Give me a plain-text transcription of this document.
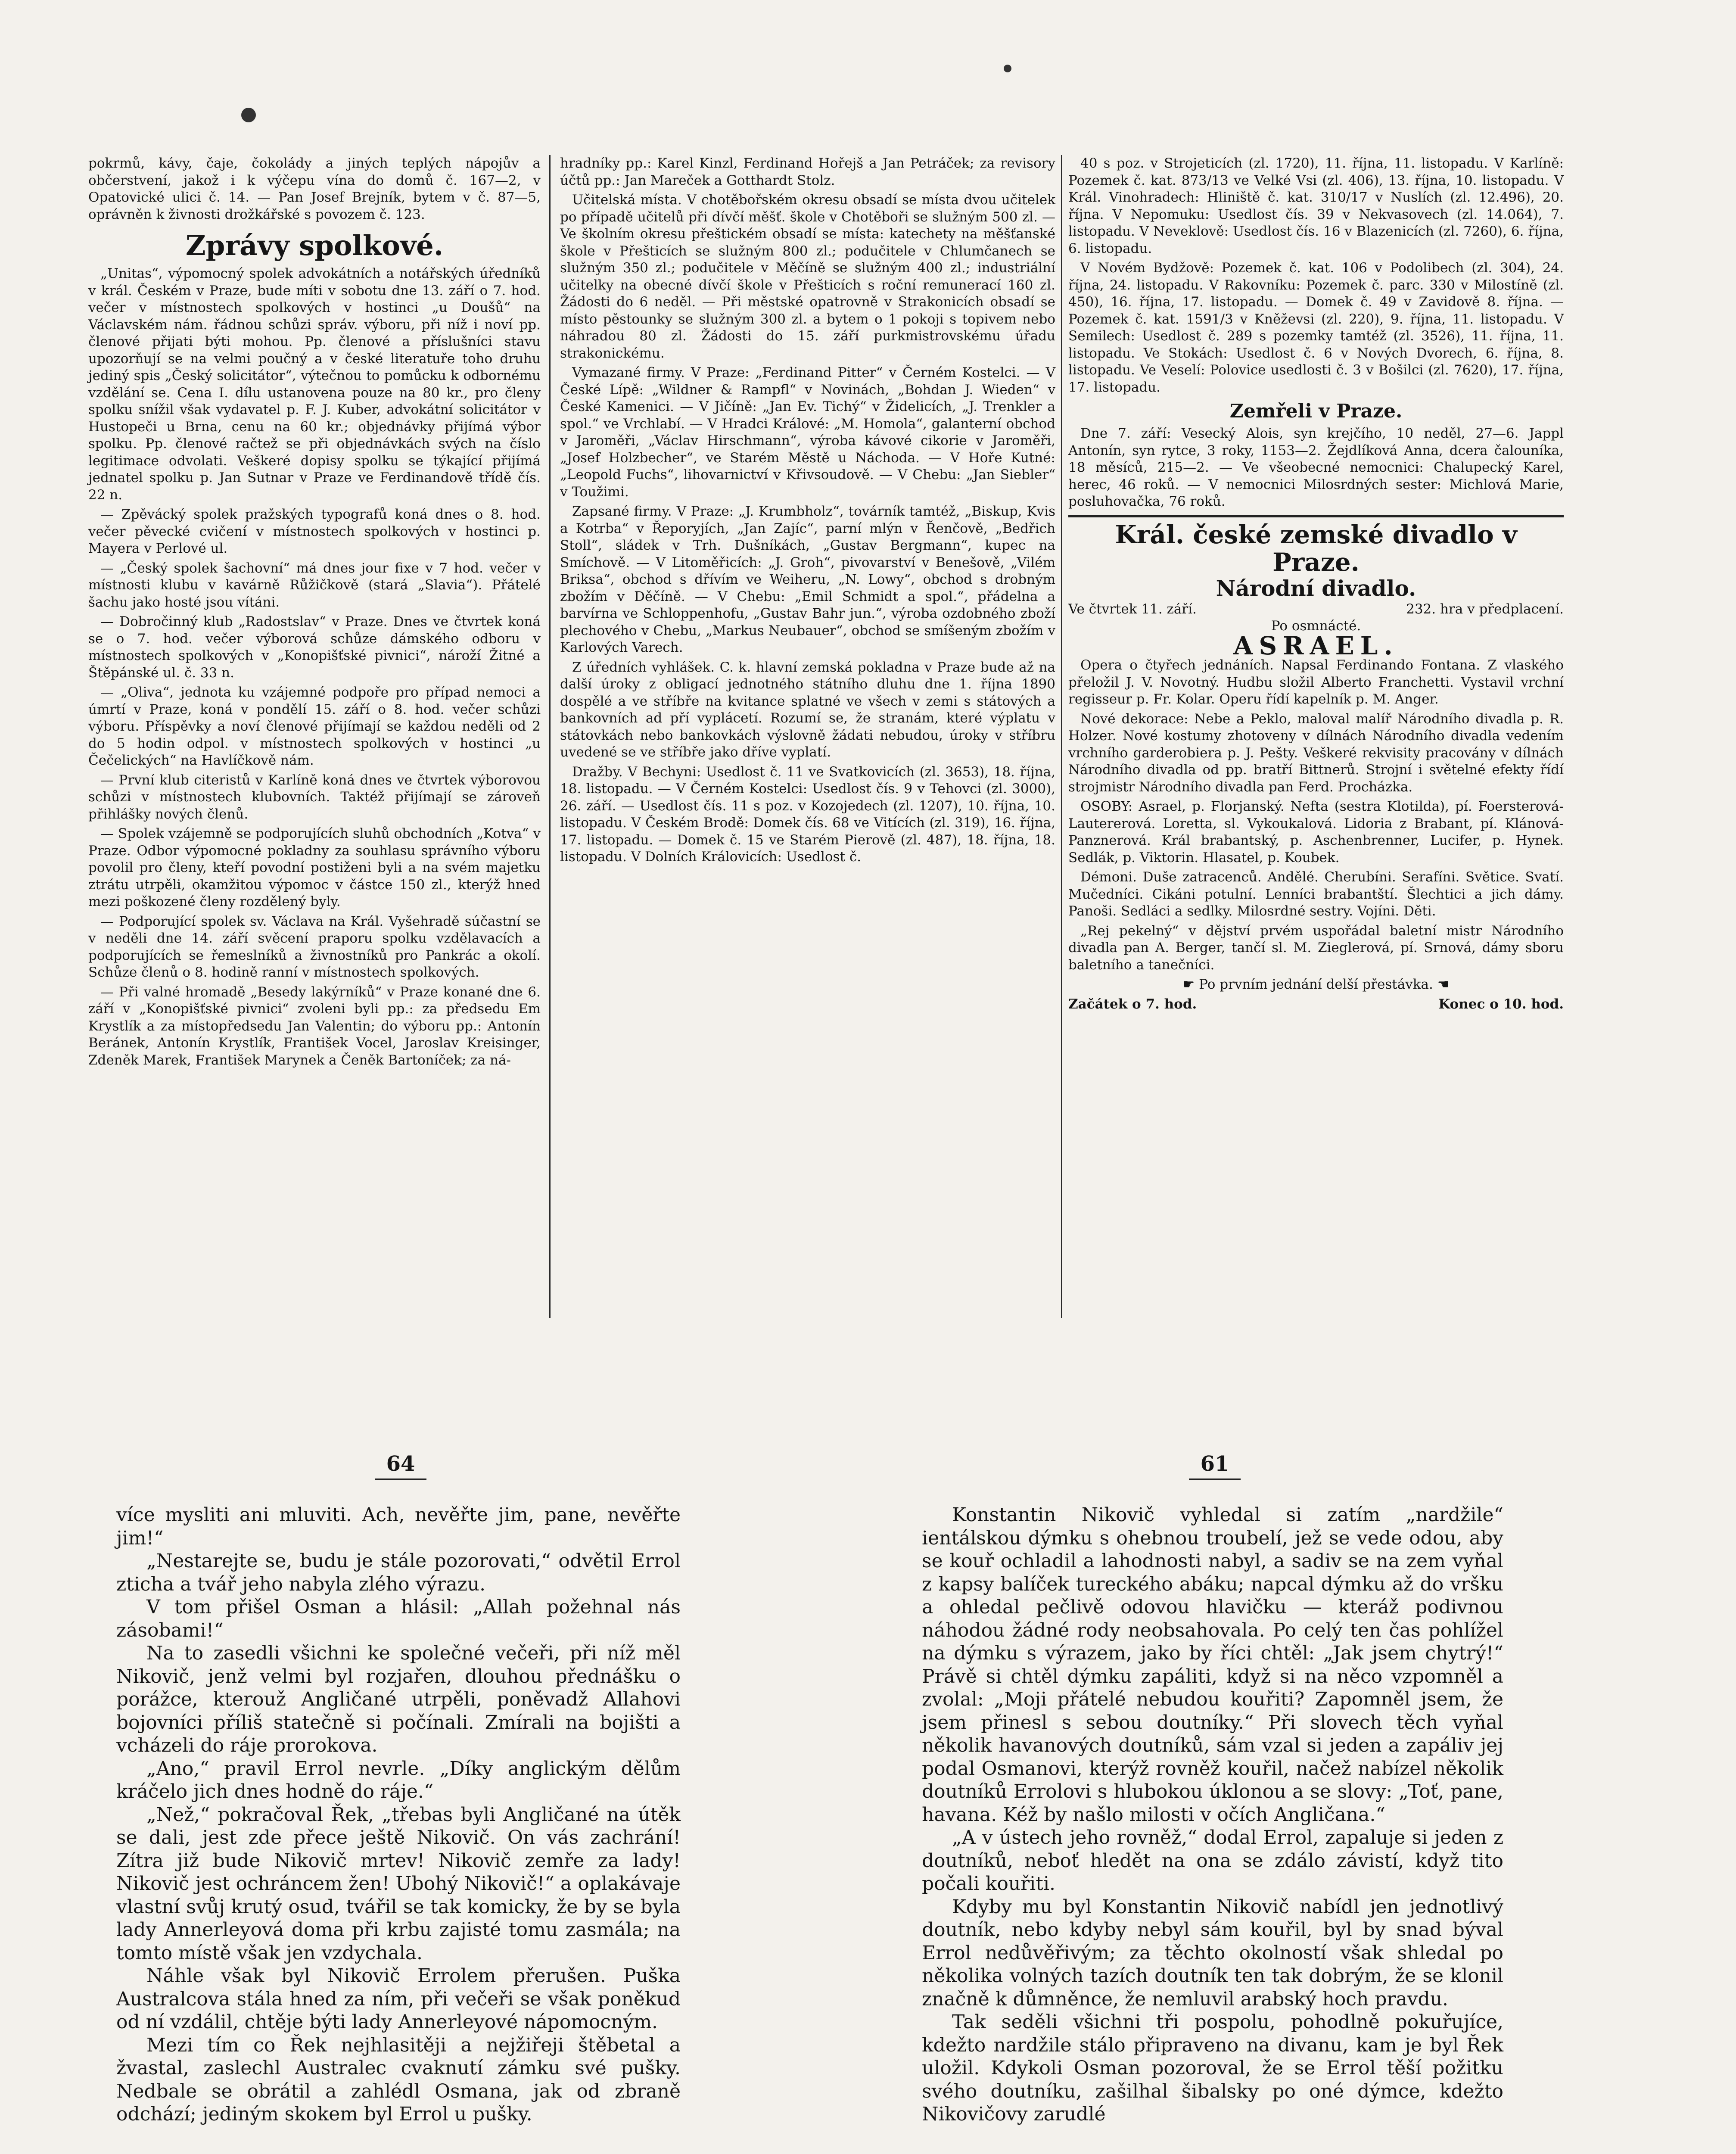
pokrmů, kávy, čaje, čokolády a jiných teplých nápojův a občerstvení, jakož i k výčepu vína do domů č. 167—2, v Opatovické ulici č. 14. — Pan Josef Brejník, bytem v č. 87—5, oprávněn k živnosti drožkářské s povozem č. 123.

Zprávy spolkové.

„Unitas“, výpomocný spolek advokátních a notářských úředníků v král. Českém v Praze, bude míti v sobotu dne 13. září o 7. hod. večer v místnostech spolkových v hostinci „u Doušů“ na Václavském nám. řádnou schůzi správ. výboru, při níž i noví pp. členové přijati býti mohou. Pp. členové a příslušníci stavu upozorňují se na velmi poučný a v české literatuře toho druhu jediný spis „Český solicitátor“, výtečnou to pomůcku k odbornému vzdělání se. Cena I. dílu ustanovena pouze na 80 kr., pro členy spolku snížil však vydavatel p. F. J. Kuber, advokátní solicitátor v Hustopeči u Brna, cenu na 60 kr.; objednávky přijímá výbor spolku. Pp. členové račtež se při objednávkách svých na číslo legitimace odvolati. Veškeré dopisy spolku se týkající přijímá jednatel spolku p. Jan Sutnar v Praze ve Ferdinandově třídě čís. 22 n.

— Zpěvácký spolek pražských typografů koná dnes o 8. hod. večer pěvecké cvičení v místnostech spolkových v hostinci p. Mayera v Perlové ul.

— „Český spolek šachovní“ má dnes jour fixe v 7 hod. večer v místnosti klubu v kavárně Růžičkově (stará „Slavia“). Přátelé šachu jako hosté jsou vítáni.

— Dobročinný klub „Radostslav“ v Praze. Dnes ve čtvrtek koná se o 7. hod. večer výborová schůze dámského odboru v místnostech spolkových v „Konopišťské pivnici“, nároží Žitné a Štěpánské ul. č. 33 n.

— „Oliva“, jednota ku vzájemné podpoře pro případ nemoci a úmrtí v Praze, koná v pondělí 15. září o 8. hod. večer schůzi výboru. Příspěvky a noví členové přijímají se každou neděli od 2 do 5 hodin odpol. v místnostech spolkových v hostinci „u Čečelických“ na Havlíčkově nám.

— První klub citeristů v Karlíně koná dnes ve čtvrtek výborovou schůzi v místnostech klubovních. Taktéž přijímají se zároveň přihlášky nových členů.

— Spolek vzájemně se podporujících sluhů obchodních „Kotva“ v Praze. Odbor výpomocné pokladny za souhlasu správního výboru povolil pro členy, kteří povodní postiženi byli a na svém majetku ztrátu utrpěli, okamžitou výpomoc v částce 150 zl., kterýž hned mezi poškozené členy rozdělený byly.

— Podporující spolek sv. Václava na Král. Vyšehradě súčastní se v neděli dne 14. září svěcení praporu spolku vzdělavacích a podporujících se řemeslníků a živnostníků pro Pankrác a okolí. Schůze členů o 8. hodině ranní v místnostech spolkových.

— Při valné hromadě „Besedy lakýrníků“ v Praze konané dne 6. září v „Konopišťské pivnici“ zvoleni byli pp.: za předsedu Em Krystlík a za místopředsedu Jan Valentin; do výboru pp.: Antonín Beránek, Antonín Krystlík, František Vocel, Jaroslav Kreisinger, Zdeněk Marek, František Marynek a Čeněk Bartoníček; za ná-

hradníky pp.: Karel Kinzl, Ferdinand Hořejš a Jan Petráček; za revisory účtů pp.: Jan Mareček a Gotthardt Stolz.

Učitelská místa. V chotěbořském okresu obsadí se místa dvou učitelek po případě učitelů při dívčí měšť. škole v Chotěboři se služným 500 zl. — Ve školním okresu přeštickém obsadí se místa: katechety na měšťanské škole v Přešticích se služným 800 zl.; podučitele v Chlumčanech se služným 350 zl.; podučitele v Měčíně se služným 400 zl.; industriální učitelky na obecné dívčí škole v Přešticích s roční remunerací 160 zl. Žádosti do 6 neděl. — Při městské opatrovně v Strakonicích obsadí se místo pěstounky se služným 300 zl. a bytem o 1 pokoji s topivem nebo náhradou 80 zl. Žádosti do 15. září purkmistrovskému úřadu strakonickému.

Vymazané firmy. V Praze: „Ferdinand Pitter“ v Černém Kostelci. — V České Lípě: „Wildner & Rampfl“ v Novinách, „Bohdan J. Wieden“ v České Kamenici. — V Jičíně: „Jan Ev. Tichý“ v Židelicích, „J. Trenkler a spol.“ ve Vrchlabí. — V Hradci Králové: „M. Homola“, galanterní obchod v Jaroměři, „Václav Hirschmann“, výroba kávové cikorie v Jaroměři, „Josef Holzbecher“, ve Starém Městě u Náchoda. — V Hoře Kutné: „Leopold Fuchs“, lihovarnictví v Křivsoudově. — V Chebu: „Jan Siebler“ v Toužimi.

Zapsané firmy. V Praze: „J. Krumbholz“, továrník tamtéž, „Biskup, Kvis a Kotrba“ v Řeporyjích, „Jan Zajíc“, parní mlýn v Řenčově, „Bedřich Stoll“, sládek v Trh. Dušníkách, „Gustav Bergmann“, kupec na Smíchově. — V Litoměřicích: „J. Groh“, pivovarství v Benešově, „Vilém Briksa“, obchod s dřívím ve Weiheru, „N. Lowy“, obchod s drobným zbožím v Děčíně. — V Chebu: „Emil Schmidt a spol.“, přádelna a barvírna ve Schloppenhofu, „Gustav Bahr jun.“, výroba ozdobného zboží plechového v Chebu, „Markus Neubauer“, obchod se smíšeným zbožím v Karlových Varech.

Z úředních vyhlášek. C. k. hlavní zemská pokladna v Praze bude až na další úroky z obligací jednotného státního dluhu dne 1. října 1890 dospělé a ve stříbře na kvitance splatné ve všech v zemi s státových a bankovních ad pří vyplácetí. Rozumí se, že stranám, které výplatu v státovkách nebo bankovkách výslovně žádati nebudou, úroky v stříbru uvedené se ve stříbře jako dříve vyplatí.

Dražby. V Bechyni: Usedlost č. 11 ve Svatkovicích (zl. 3653), 18. října, 18. listopadu. — V Černém Kostelci: Usedlost čís. 9 v Tehovci (zl. 3000), 26. září. — Usedlost čís. 11 s poz. v Kozojedech (zl. 1207), 10. října, 10. listopadu. V Českém Brodě: Domek čís. 68 ve Vitících (zl. 319), 16. října, 17. listopadu. — Domek č. 15 ve Starém Pierově (zl. 487), 18. října, 18. listopadu. V Dolních Královicích: Usedlost č.

40 s poz. v Strojeticích (zl. 1720), 11. října, 11. listopadu. V Karlíně: Pozemek č. kat. 873/13 ve Velké Vsi (zl. 406), 13. října, 10. listopadu. V Král. Vinohradech: Hliniště č. kat. 310/17 v Nuslích (zl. 12.496), 20. října. V Nepomuku: Usedlost čís. 39 v Nekvasovech (zl. 14.064), 7. listopadu. V Neveklově: Usedlost čís. 16 v Blazenicích (zl. 7260), 6. října, 6. listopadu.

V Novém Bydžově: Pozemek č. kat. 106 v Podolibech (zl. 304), 24. října, 24. listopadu. V Rakovníku: Pozemek č. parc. 330 v Milostíně (zl. 450), 16. října, 17. listopadu. — Domek č. 49 v Zavidově 8. října. — Pozemek č. kat. 1591/3 v Kněževsi (zl. 220), 9. října, 11. listopadu. V Semilech: Usedlost č. 289 s pozemky tamtéž (zl. 3526), 11. října, 11. listopadu. Ve Stokách: Usedlost č. 6 v Nových Dvorech, 6. října, 8. listopadu. Ve Veselí: Polovice usedlosti č. 3 v Bošilci (zl. 7620), 17. října, 17. listopadu.

Zemřeli v Praze.

Dne 7. září: Vesecký Alois, syn krejčího, 10 neděl, 27—6. Jappl Antonín, syn rytce, 3 roky, 1153—2. Žejdlíková Anna, dcera čalouníka, 18 měsíců, 215—2. — Ve všeobecné nemocnici: Chalupecký Karel, herec, 46 roků. — V nemocnici Milosrdných sester: Michlová Marie, posluhovačka, 76 roků.

Král. české zemské divadlo v Praze.
Národní divadlo.
Ve čtvrtek 11. září.	232. hra v předplacení.

Po osmnácté.

ASRAEL.

Opera o čtyřech jednáních. Napsal Ferdinando Fontana. Z vlaského přeložil J. V. Novotný. Hudbu složil Alberto Franchetti. Vystavil vrchní regisseur p. Fr. Kolar. Operu řídí kapelník p. M. Anger.

Nové dekorace: Nebe a Peklo, maloval malíř Národního divadla p. R. Holzer. Nové kostumy zhotoveny v dílnách Národního divadla vedením vrchního garderobiera p. J. Pešty. Veškeré rekvisity pracovány v dílnách Národního divadla od pp. bratří Bittnerů. Strojní i světelné efekty řídí strojmistr Národního divadla pan Ferd. Procházka.

OSOBY: Asrael, p. Florjanský. Nefta (sestra Klotilda), pí. Foersterová-Lautererová. Loretta, sl. Vykoukalová. Lidoria z Brabant, pí. Klánová-Panznerová. Král brabantský, p. Aschenbrenner, Lucifer, p. Hynek. Sedlák, p. Viktorin. Hlasatel, p. Koubek.

Démoni. Duše zatracenců. Andělé. Cherubíni. Serafíni. Světice. Svatí. Mučedníci. Cikáni potulní. Lenníci brabantští. Šlechtici a jich dámy. Panoši. Sedláci a sedlky. Milosrdné sestry. Vojíni. Děti.

„Rej pekelný“ v dějství prvém uspořádal baletní mistr Národního divadla pan A. Berger, tančí sl. M. Zieglerová, pí. Srnová, dámy sboru baletního a tanečníci.

☛ Po prvním jednání delší přestávka. ☚

Začátek o 7. hod.	Konec o 10. hod.
64	61

více mysliti ani mluviti. Ach, nevěřte jim, pane, nevěřte jim!“

„Nestarejte se, budu je stále pozorovati,“ odvětil Errol zticha a tvář jeho nabyla zlého výrazu.

V tom přišel Osman a hlásil: „Allah požehnal nás zásobami!“

Na to zasedli všichni ke společné večeři, při níž měl Nikovič, jenž velmi byl rozjařen, dlouhou přednášku o porážce, kterouž Angličané utrpěli, poněvadž Allahovi bojovníci příliš statečně si počínali. Zmírali na bojišti a vcházeli do ráje prorokova.

„Ano,“ pravil Errol nevrle. „Díky anglickým dělům kráčelo jich dnes hodně do ráje.“

„Než,“ pokračoval Řek, „třebas byli Angličané na útěk se dali, jest zde přece ještě Nikovič. On vás zachrání! Zítra již bude Nikovič mrtev! Nikovič zemře za lady! Nikovič jest ochráncem žen! Ubohý Nikovič!“ a oplakávaje vlastní svůj krutý osud, tvářil se tak komicky, že by se byla lady Annerleyová doma při krbu zajisté tomu zasmála; na tomto místě však jen vzdychala.

Náhle však byl Nikovič Errolem přerušen. Puška Australcova stála hned za ním, při večeři se však poněkud od ní vzdálil, chtěje býti lady Annerleyové nápomocným.

Mezi tím co Řek nejhlasitěji a nejžiřeji štěbetal a žvastal, zaslechl Australec cvaknutí zámku své pušky. Nedbale se obrátil a zahlédl Osmana, jak od zbraně odchází; jediným skokem byl Errol u pušky.

Konstantin Nikovič vyhledal si zatím „nardžile“ ientálskou dýmku s ohebnou troubelí, jež se vede odou, aby se kouř ochladil a lahodnosti nabyl, a sadiv se na zem vyňal z kapsy balíček tureckého abáku; napcal dýmku až do vršku a ohledal pečlivě odovou hlavičku — kteráž podivnou náhodou žádné rody neobsahovala. Po celý ten čas pohlížel na dýmku s výrazem, jako by říci chtěl: „Jak jsem chytrý!“ Právě si chtěl dýmku zapáliti, když si na něco vzpomněl a zvolal: „Moji přátelé nebudou kouřiti? Zapomněl jsem, že jsem přinesl s sebou doutníky.“ Při slovech těch vyňal několik havanových doutníků, sám vzal si jeden a zapáliv jej podal Osmanovi, kterýž rovněž kouřil, načež nabízel několik doutníků Errolovi s hlubokou úklonou a se slovy: „Toť, pane, havana. Kéž by našlo milosti v očích Angličana.“

„A v ústech jeho rovněž,“ dodal Errol, zapaluje si jeden z doutníků, neboť hledět na ona se zdálo závistí, když tito počali kouřiti.

Kdyby mu byl Konstantin Nikovič nabídl jen jednotlivý doutník, nebo kdyby nebyl sám kouřil, byl by snad býval Errol nedůvěřivým; za těchto okolností však shledal po několika volných tazích doutník ten tak dobrým, že se klonil značně k důmněnce, že nemluvil arabský hoch pravdu.

Tak seděli všichni tři pospolu, pohodlně pokuřujíce, kdežto nardžile stálo připraveno na divanu, kam je byl Řek uložil. Kdykoli Osman pozoroval, že se Errol těší požitku svého doutníku, zašilhal šibalsky po oné dýmce, kdežto Nikovičovy zarudlé
